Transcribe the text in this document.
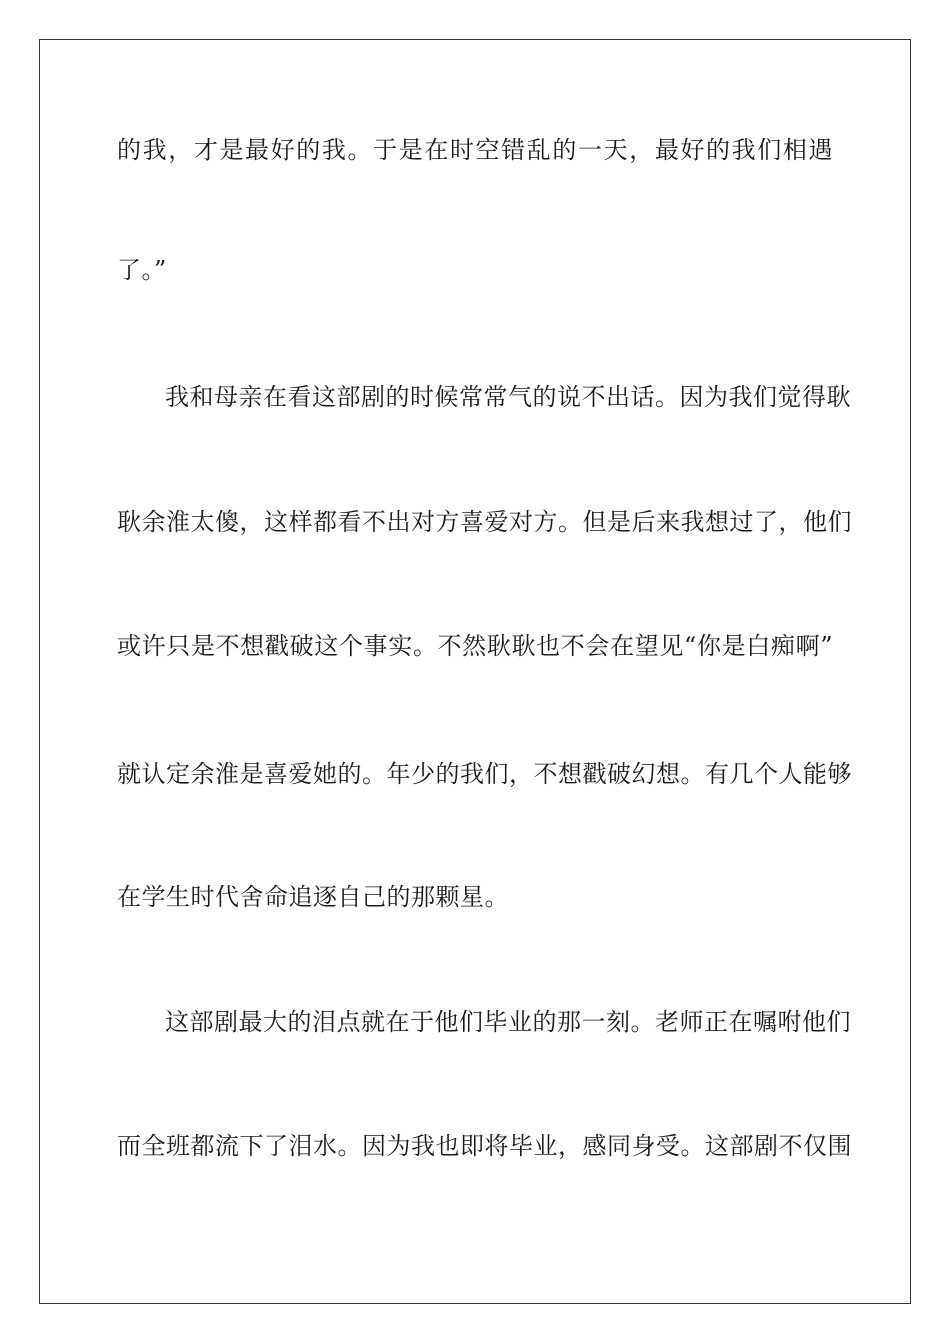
的我，才是最好的我。于是在时空错乱的一天，最好的我们相遇
了。”
我和母亲在看这部剧的时候常常气的说不出话。因为我们觉得耿
耿余淮太傻，这样都看不出对方喜爱对方。但是后来我想过了，他们
或许只是不想戳破这个事实。不然耿耿也不会在望见“你是白痴啊”
就认定余淮是喜爱她的。年少的我们，不想戳破幻想。有几个人能够
在学生时代舍命追逐自己的那颗星。
这部剧最大的泪点就在于他们毕业的那一刻。老师正在嘱咐他们
而全班都流下了泪水。因为我也即将毕业，感同身受。这部剧不仅围
